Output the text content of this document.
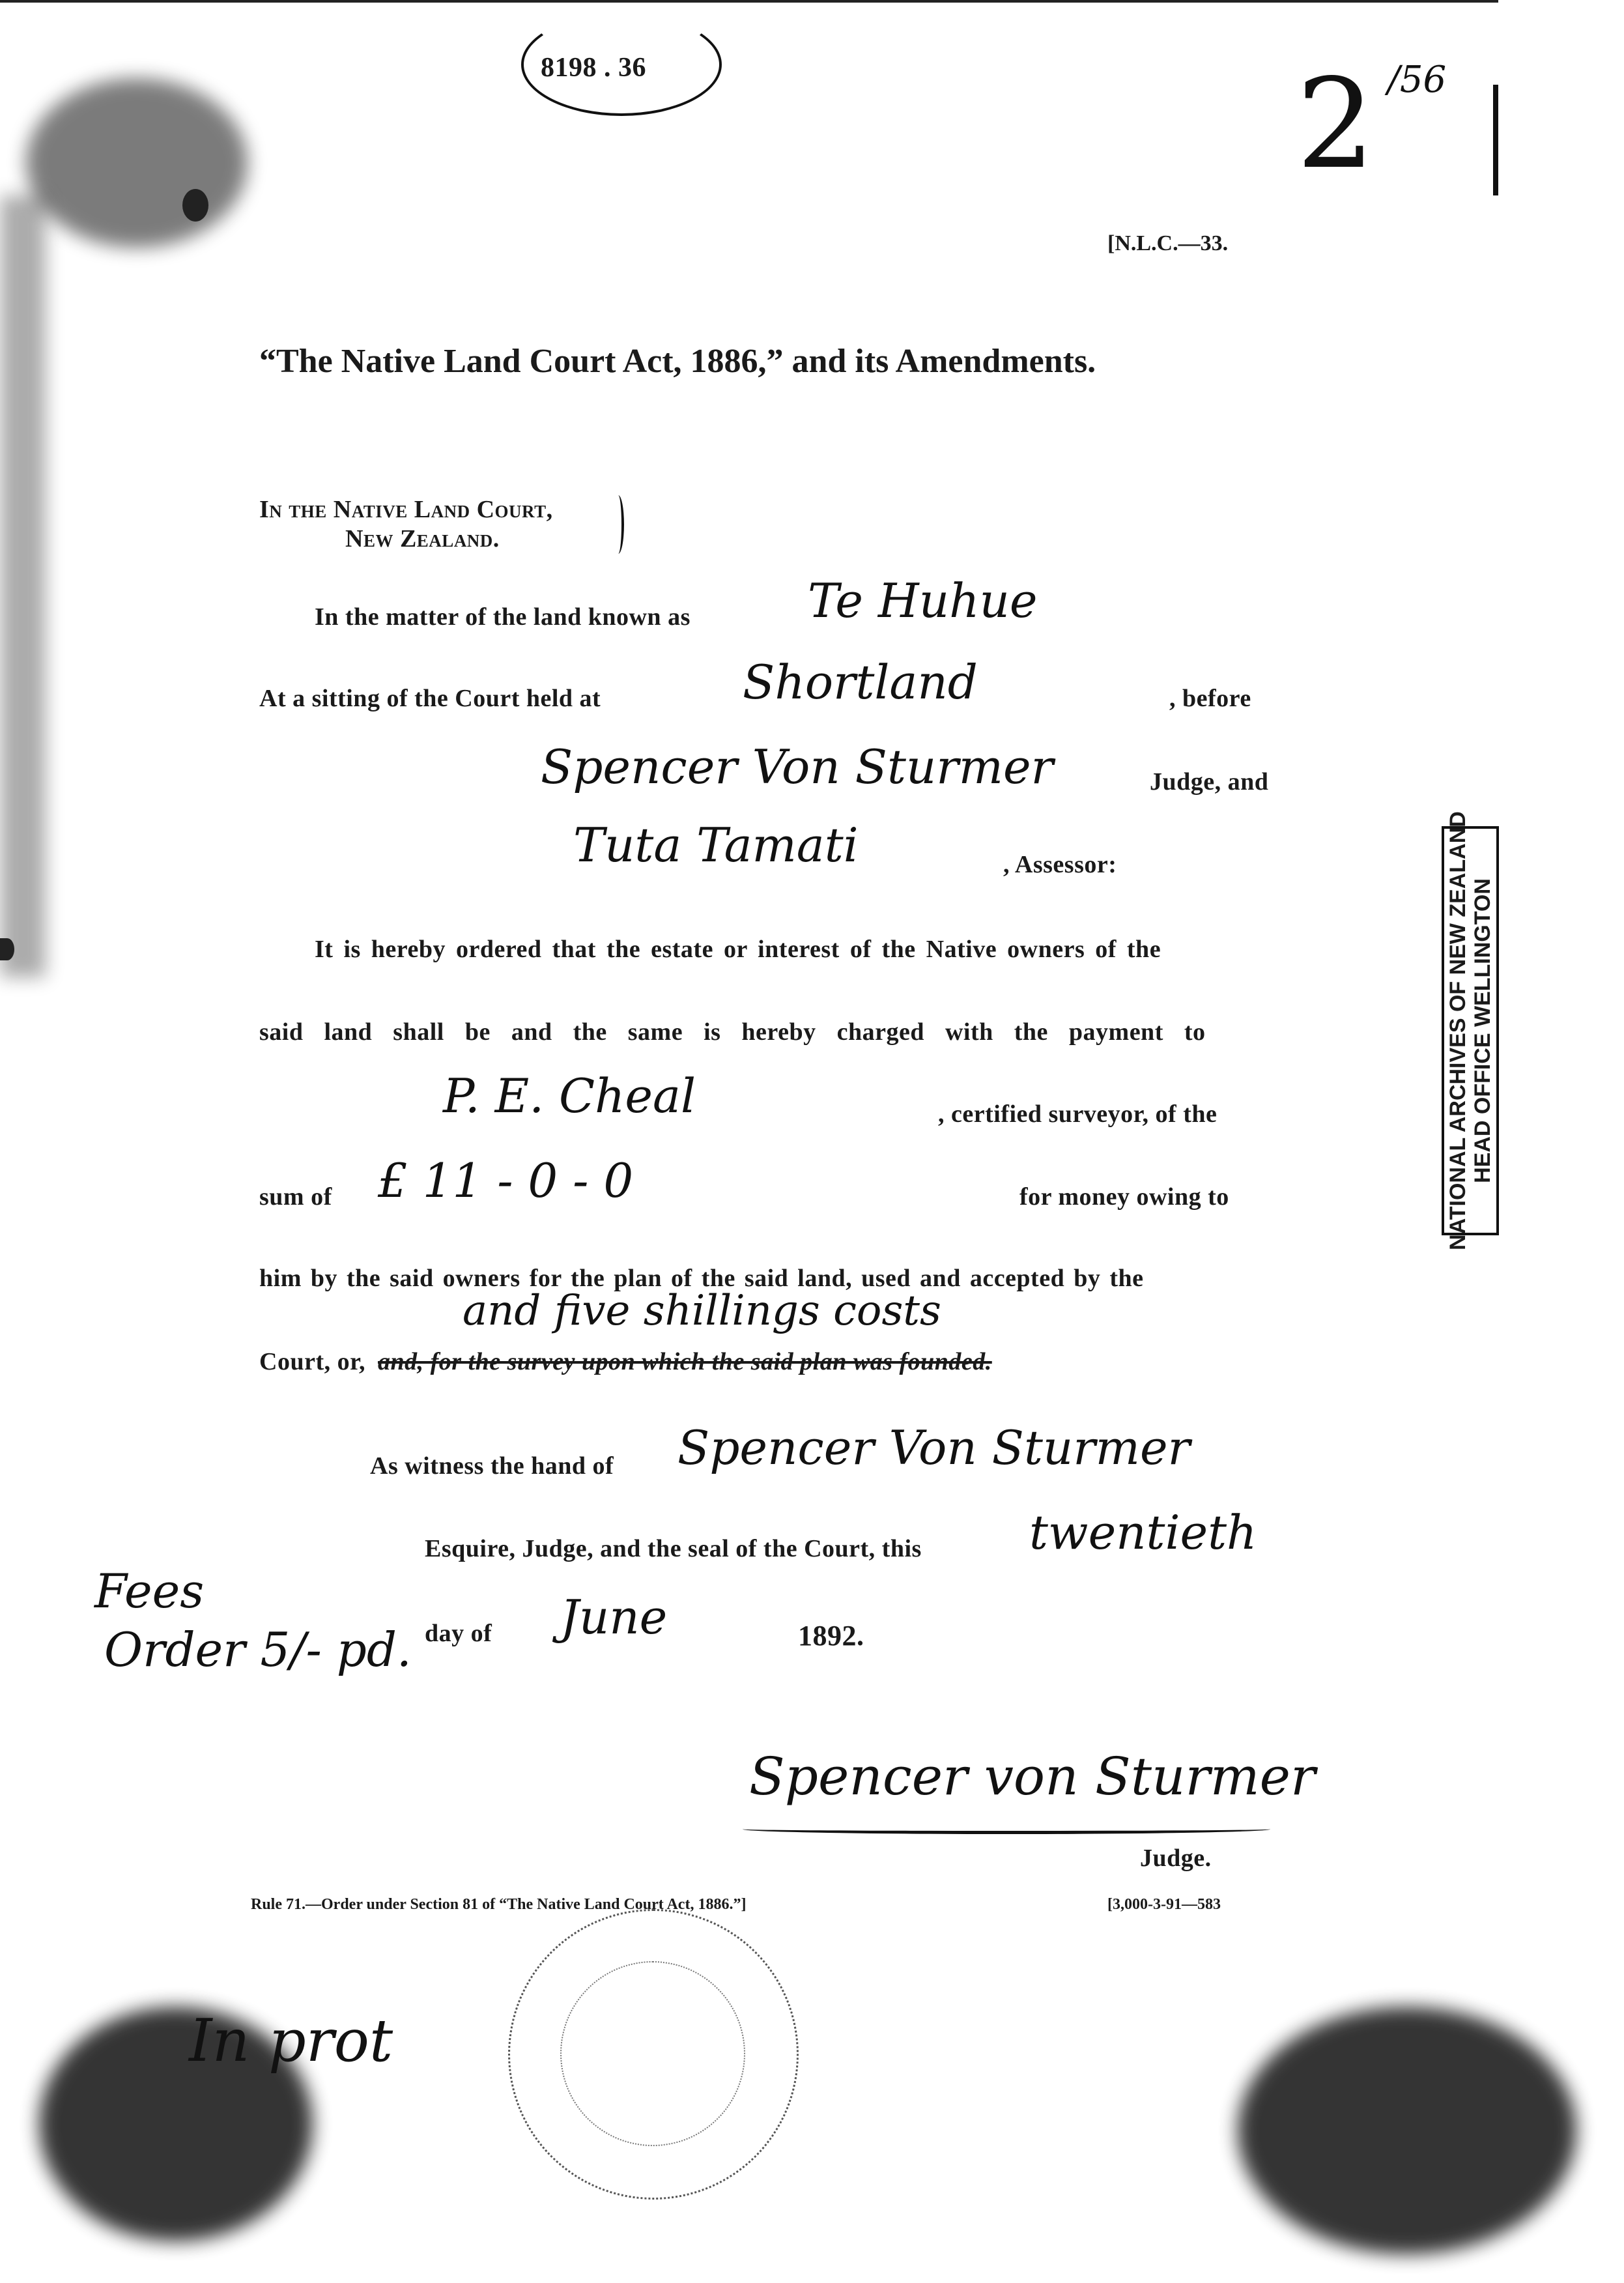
8198 . 36	2 /56
[N.L.C.—33.
“The Native Land Court Act, 1886,” and its Amendments.
In the Native Land Court,
New Zealand.
In the matter of the land known as	Te Huhue
At a sitting of the Court held at	Shortland	, before
Spencer Von Sturmer	Judge, and
Tuta Tamati	, Assessor:
It is hereby ordered that the estate or interest of the Native owners of the
said land shall be and the same is hereby charged with the payment to
P. E. Cheal	, certified surveyor, of the
sum of £ 11 - 0 - 0	for money owing to
him by the said owners for the plan of the said land, used and accepted by the
and five shillings costs
Court, or, and, for the survey upon which the said plan was founded.
As witness the hand of Spencer Von Sturmer
Esquire, Judge, and the seal of the Court, this twentieth
day of June	1892.
Fees
Order 5/- pd.
Spencer von Sturmer
Judge.
Rule 71.—Order under Section 81 of “The Native Land Court Act, 1886.”]	[3,000-3-91—583
In prot
NATIONAL ARCHIVES OF NEW ZEALAND HEAD OFFICE WELLINGTON
